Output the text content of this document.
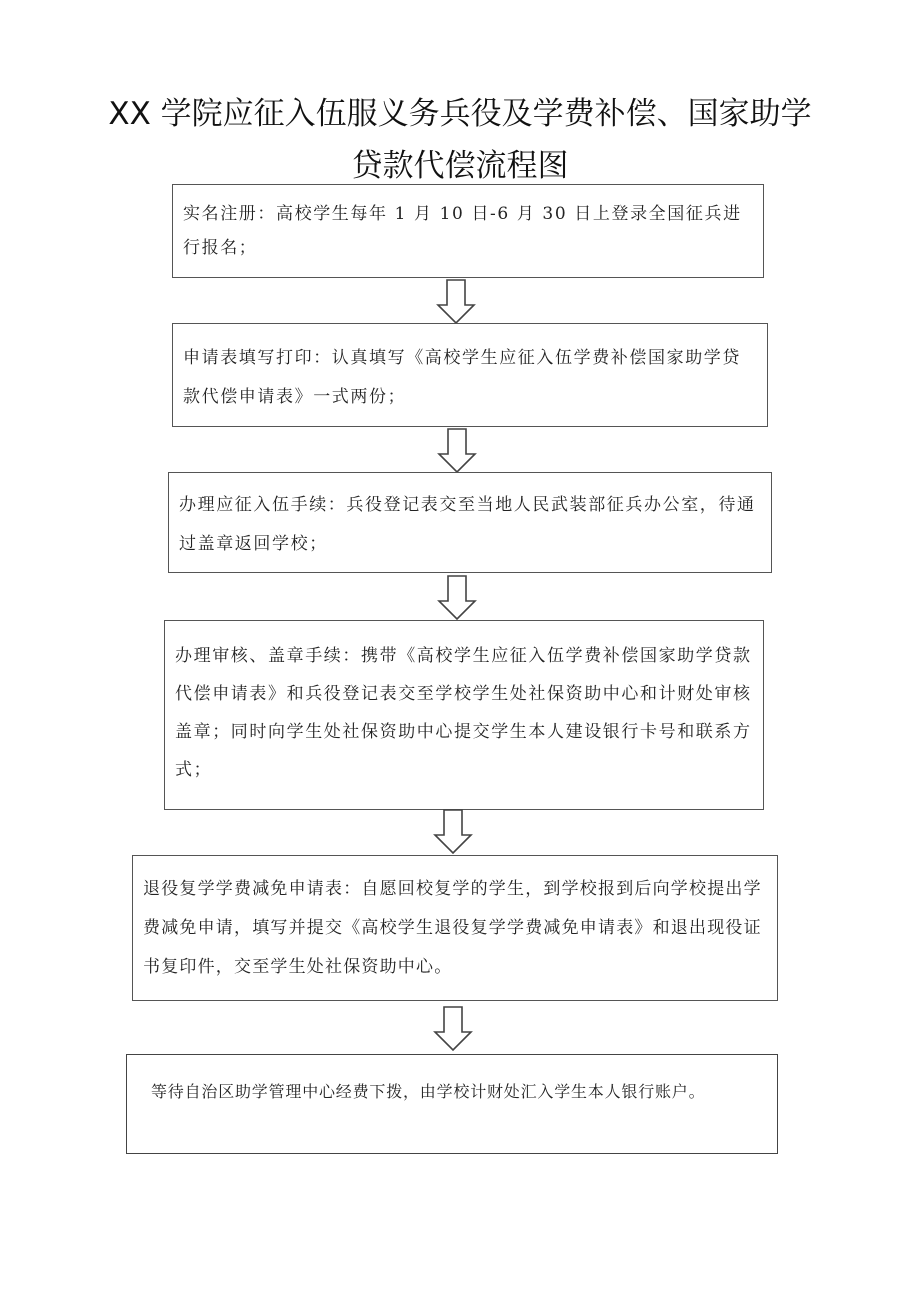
XX 学院应征入伍服义务兵役及学费补偿、国家助学贷款代偿流程图

实名注册：高校学生每年 1 月 10 日-6 月 30 日上登录全国征兵进行报名；

申请表填写打印：认真填写《高校学生应征入伍学费补偿国家助学贷款代偿申请表》一式两份；

办理应征入伍手续：兵役登记表交至当地人民武装部征兵办公室，待通过盖章返回学校；

办理审核、盖章手续：携带《高校学生应征入伍学费补偿国家助学贷款代偿申请表》和兵役登记表交至学校学生处社保资助中心和计财处审核盖章；同时向学生处社保资助中心提交学生本人建设银行卡号和联系方式；

退役复学学费减免申请表：自愿回校复学的学生，到学校报到后向学校提出学费减免申请，填写并提交《高校学生退役复学学费减免申请表》和退出现役证书复印件，交至学生处社保资助中心。

等待自治区助学管理中心经费下拨，由学校计财处汇入学生本人银行账户。
